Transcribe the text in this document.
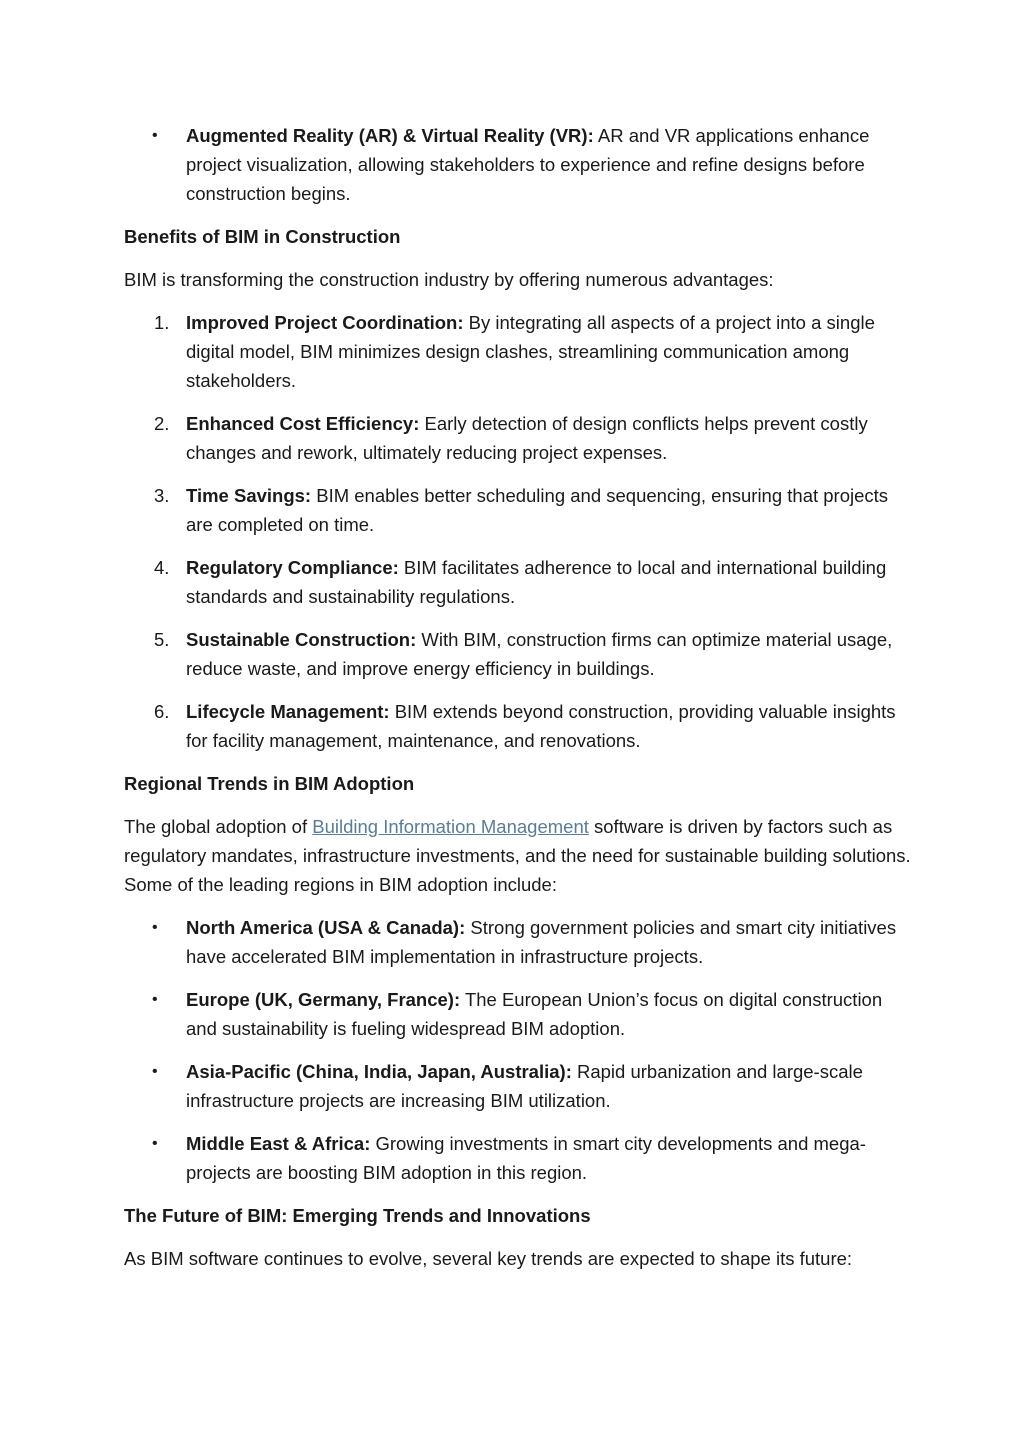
•	Augmented Reality (AR) & Virtual Reality (VR): AR and VR applications enhance project visualization, allowing stakeholders to experience and refine designs before construction begins.
Benefits of BIM in Construction

BIM is transforming the construction industry by offering numerous advantages:

1. Improved Project Coordination: By integrating all aspects of a project into a single digital model, BIM minimizes design clashes, streamlining communication among stakeholders.
2. Enhanced Cost Efficiency: Early detection of design conflicts helps prevent costly changes and rework, ultimately reducing project expenses.
3. Time Savings: BIM enables better scheduling and sequencing, ensuring that projects are completed on time.
4. Regulatory Compliance: BIM facilitates adherence to local and international building standards and sustainability regulations.
5. Sustainable Construction: With BIM, construction firms can optimize material usage, reduce waste, and improve energy efficiency in buildings.
6. Lifecycle Management: BIM extends beyond construction, providing valuable insights for facility management, maintenance, and renovations.
Regional Trends in BIM Adoption

The global adoption of Building Information Management software is driven by factors such as regulatory mandates, infrastructure investments, and the need for sustainable building solutions. Some of the leading regions in BIM adoption include:

•	North America (USA & Canada): Strong government policies and smart city initiatives have accelerated BIM implementation in infrastructure projects.
•	Europe (UK, Germany, France): The European Union’s focus on digital construction and sustainability is fueling widespread BIM adoption.
•	Asia-Pacific (China, India, Japan, Australia): Rapid urbanization and large-scale infrastructure projects are increasing BIM utilization.
•	Middle East & Africa: Growing investments in smart city developments and mega-projects are boosting BIM adoption in this region.
The Future of BIM: Emerging Trends and Innovations

As BIM software continues to evolve, several key trends are expected to shape its future:
